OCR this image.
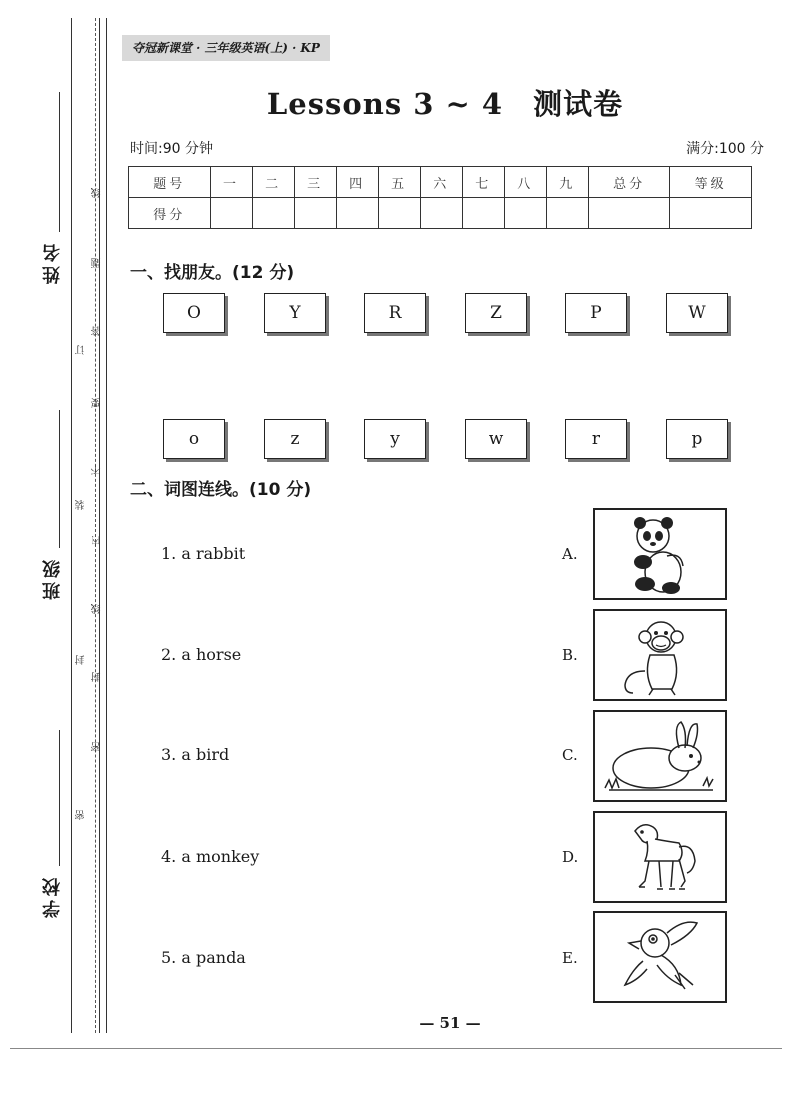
姓名
班级
学校
线
题
答
订
要
不
装
内
线
封
封
密
密
夺冠新课堂 · 三年级英语(上) · KP
Lessons 3 ~ 4　测试卷
时间:90 分钟	满分:100 分
题号	一	二	三	四	五	六	七	八	九	总分	等级
得分											
一、找朋友。(12 分)
O	Y	R	Z	P	W
o	z	y	w	r	p
二、词图连线。(10 分)
1. a rabbit
2. a horse
3. a bird
4. a monkey
5. a panda
A.
B.
C.
D.
E.
— 51 —
